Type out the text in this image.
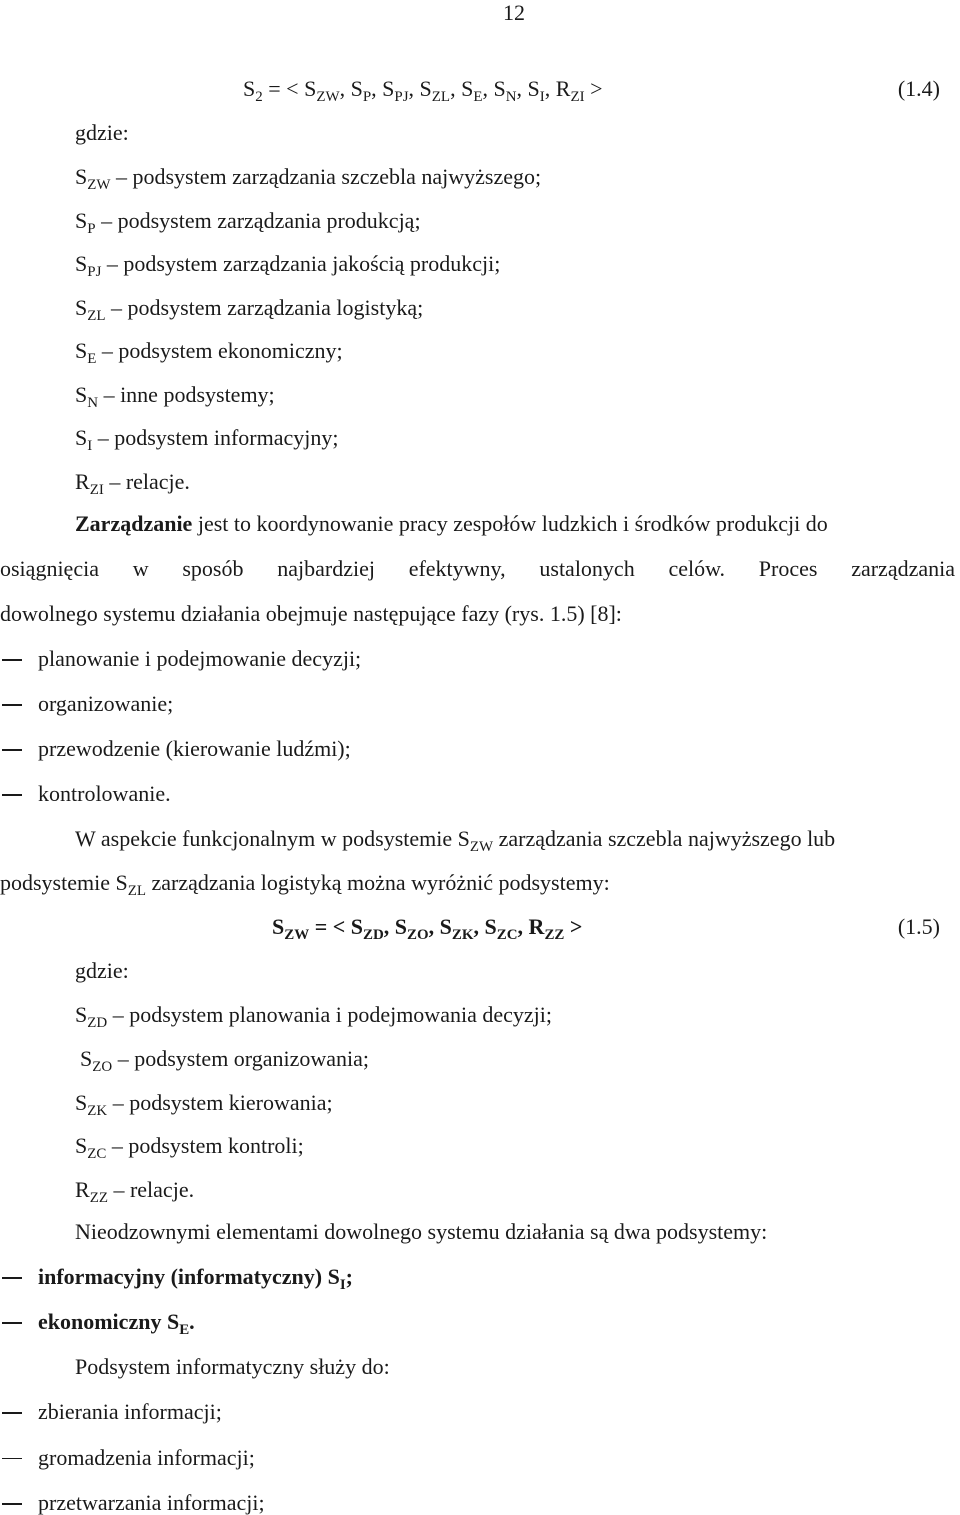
12
$S_2$ = < $S_{ZW}$, $S_P$, $S_{PJ}$, $S_{ZL}$, $S_E$, $S_N$, $S_I$, $R_{ZI}$ >	(1.4)
gdzie:
$S_{ZW}$ – podsystem zarządzania szczebla najwyższego;
$S_P$ – podsystem zarządzania produkcją;
$S_{PJ}$ – podsystem zarządzania jakością produkcji;
$S_{ZL}$ – podsystem zarządzania logistyką;
$S_E$ – podsystem ekonomiczny;
$S_N$ – inne podsystemy;
$S_I$ – podsystem informacyjny;
$R_{ZI}$ – relacje.
Zarządzanie jest to koordynowanie pracy zespołów ludzkich i środków produkcji do
osiągnięcia w sposób najbardziej efektywny, ustalonych celów. Proces zarządzania
dowolnego systemu działania obejmuje następujące fazy (rys. 1.5) [8]:
planowanie i podejmowanie decyzji;
organizowanie;
przewodzenie (kierowanie ludźmi);
kontrolowanie.
W aspekcie funkcjonalnym w podsystemie $S_{ZW}$ zarządzania szczebla najwyższego lub
podsystemie $S_{ZL}$ zarządzania logistyką można wyróżnić podsystemy:
$S_{ZW}$ = < $S_{ZD}$, $S_{ZO}$, $S_{ZK}$, $S_{ZC}$, $R_{ZZ}$ >	(1.5)
gdzie:
$S_{ZD}$ – podsystem planowania i podejmowania decyzji;
$S_{ZO}$ – podsystem organizowania;
$S_{ZK}$ – podsystem kierowania;
$S_{ZC}$ – podsystem kontroli;
$R_{ZZ}$ – relacje.
Nieodzownymi elementami dowolnego systemu działania są dwa podsystemy:
informacyjny (informatyczny) $S_I$;
ekonomiczny $S_E$.
Podsystem informatyczny służy do:
zbierania informacji;
gromadzenia informacji;
przetwarzania informacji;
